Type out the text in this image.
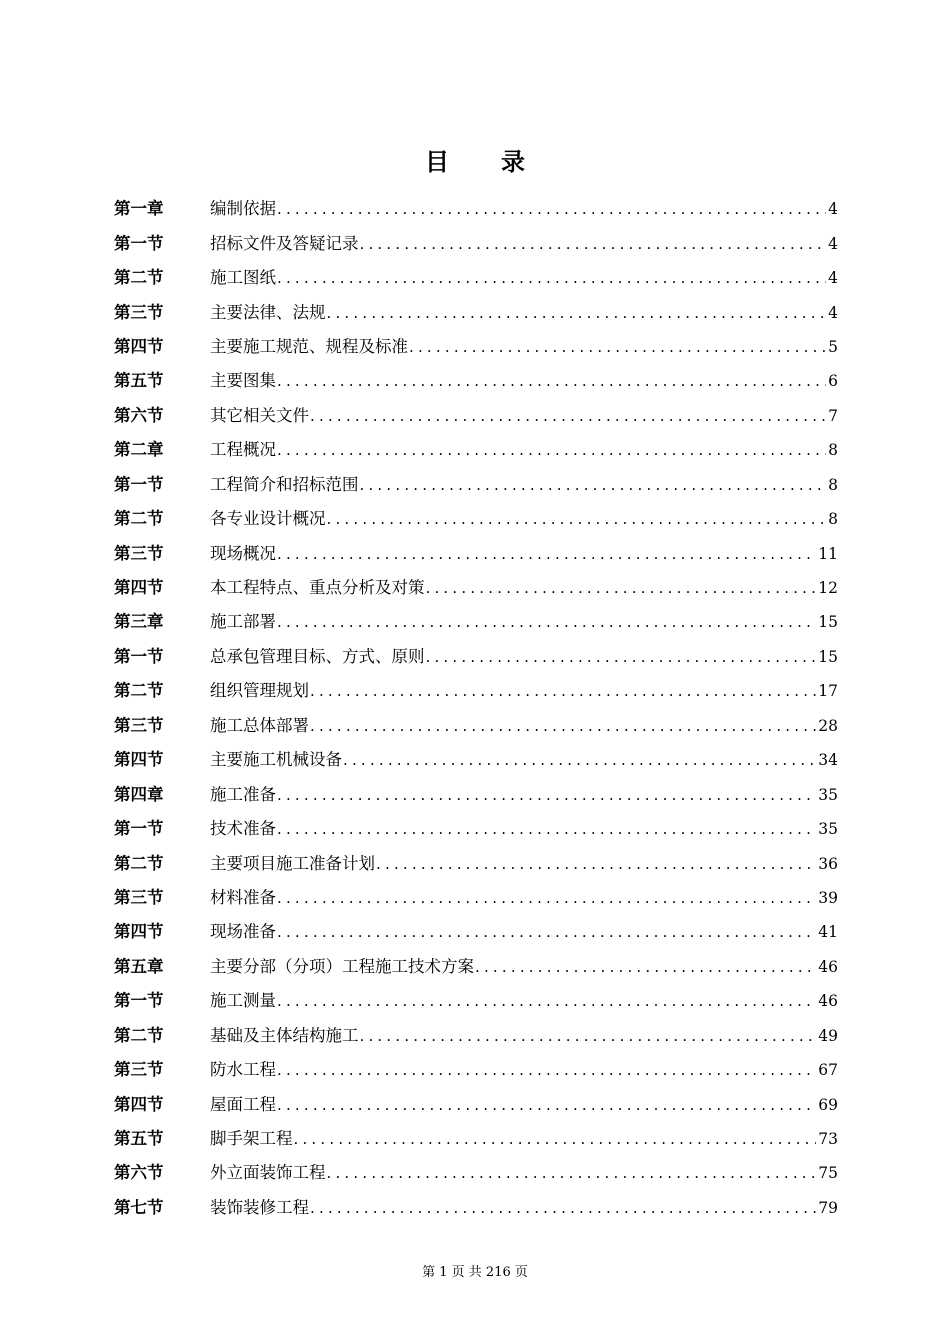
目 录
第一章	编制依据 .....	4
第一节	招标文件及答疑记录 .....	4
第二节	施工图纸 .....	4
第三节	主要法律、法规 .....	4
第四节	主要施工规范、规程及标准 .....	5
第五节	主要图集 .....	6
第六节	其它相关文件 .....	7
第二章	工程概况 .....	8
第一节	工程简介和招标范围 .....	8
第二节	各专业设计概况 .....	8
第三节	现场概况 .....	11
第四节	本工程特点、重点分析及对策 .....	12
第三章	施工部署 .....	15
第一节	总承包管理目标、方式、原则 .....	15
第二节	组织管理规划 .....	17
第三节	施工总体部署 .....	28
第四节	主要施工机械设备 .....	34
第四章	施工准备 .....	35
第一节	技术准备 .....	35
第二节	主要项目施工准备计划 .....	36
第三节	材料准备 .....	39
第四节	现场准备 .....	41
第五章	主要分部（分项）工程施工技术方案 .....	46
第一节	施工测量 .....	46
第二节	基础及主体结构施工 .....	49
第三节	防水工程 .....	67
第四节	屋面工程 .....	69
第五节	脚手架工程 .....	73
第六节	外立面装饰工程 .....	75
第七节	装饰装修工程 .....	79
第 1 页 共 216 页
